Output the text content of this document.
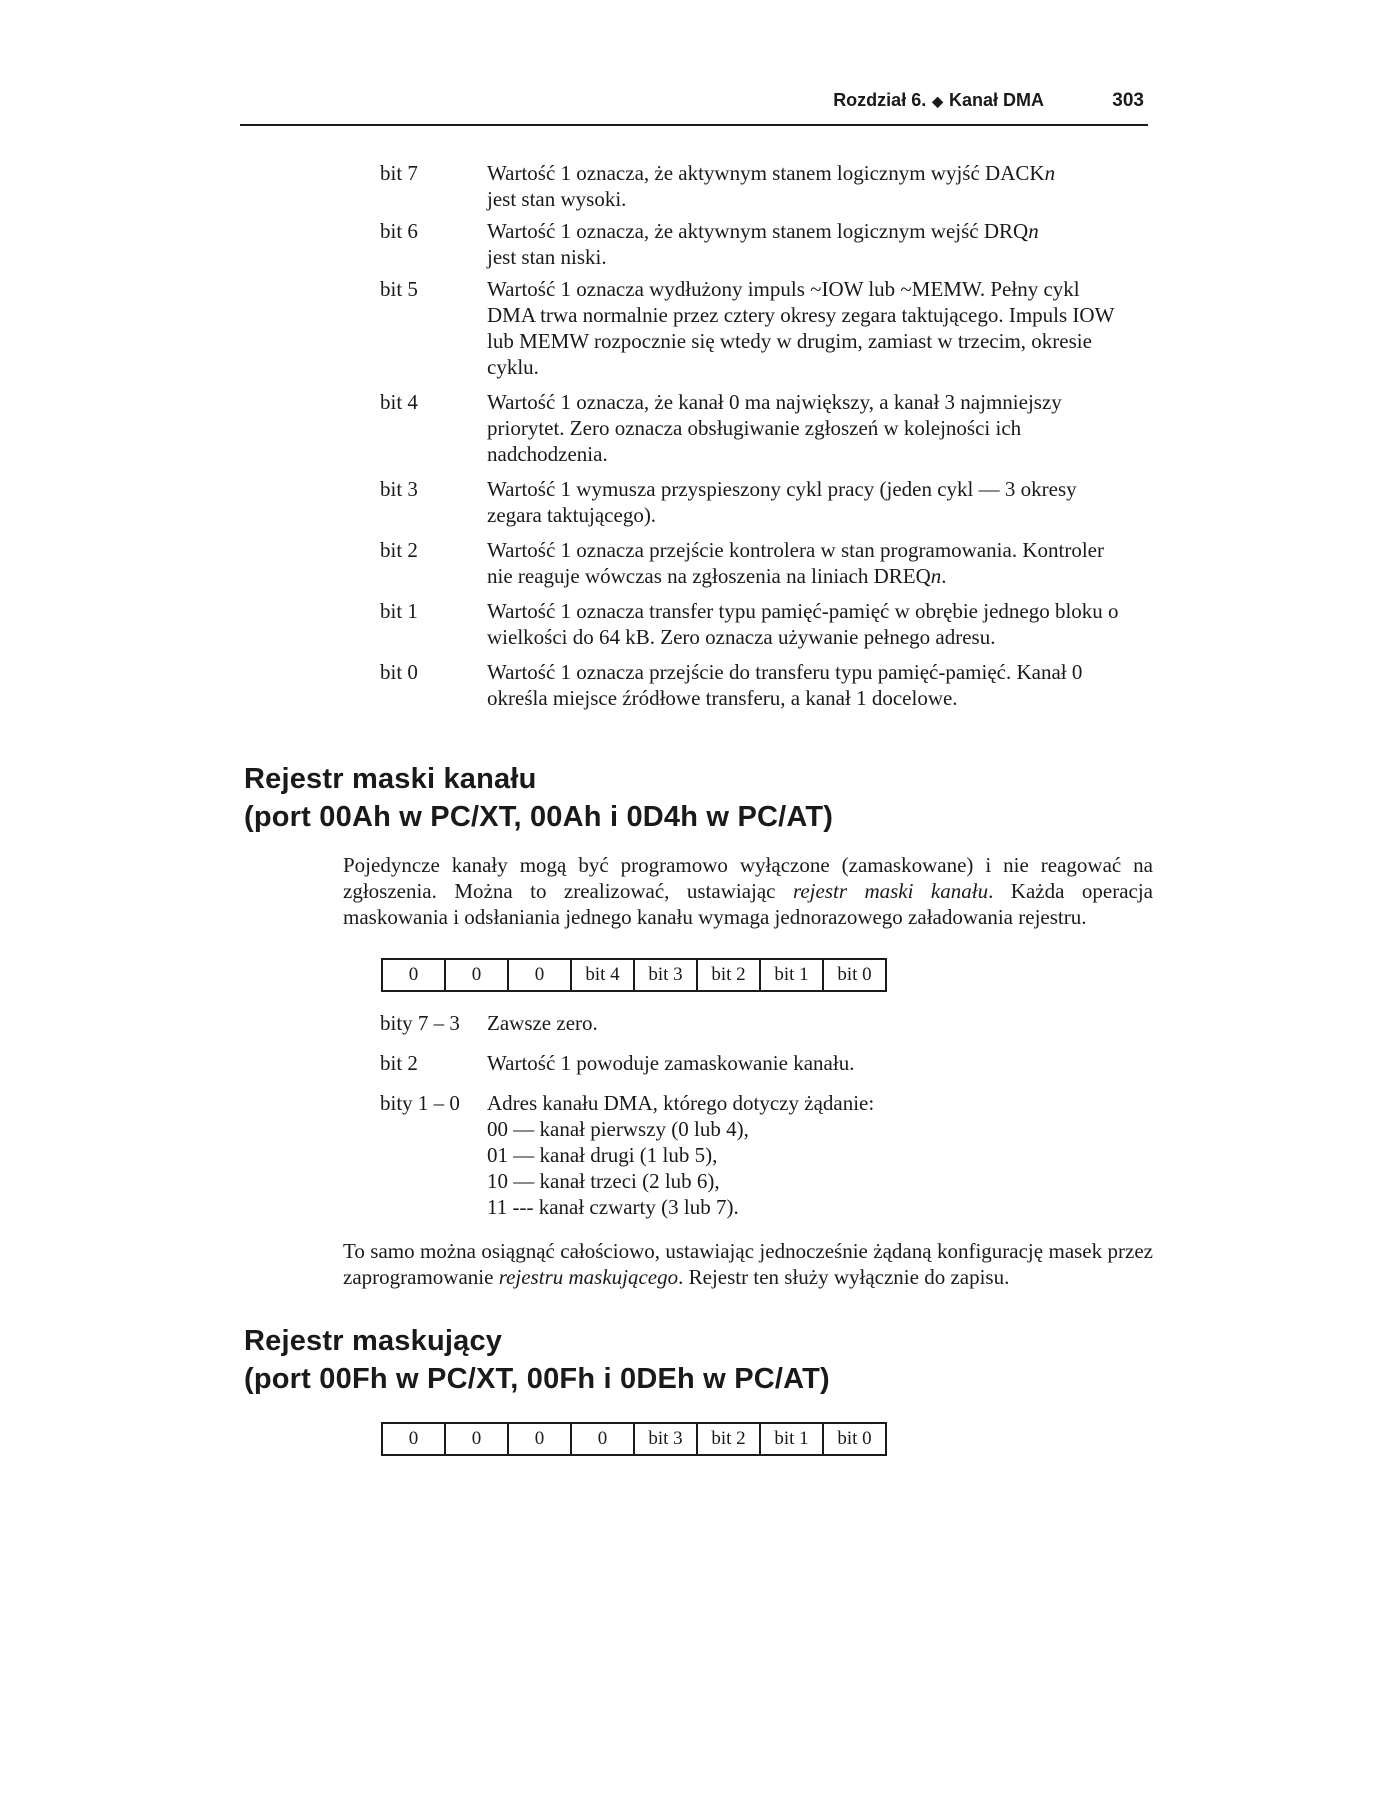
Rozdział 6. ◆ Kanał DMA	303
bit 7	Wartość 1 oznacza, że aktywnym stanem logicznym wyjść DACKn
jest stan wysoki.
bit 6	Wartość 1 oznacza, że aktywnym stanem logicznym wejść DRQn
jest stan niski.
bit 5	Wartość 1 oznacza wydłużony impuls ~IOW lub ~MEMW. Pełny cykl DMA trwa normalnie przez cztery okresy zegara taktującego. Impuls IOW lub MEMW rozpocznie się wtedy w drugim, zamiast w trzecim, okresie cyklu.
bit 4	Wartość 1 oznacza, że kanał 0 ma największy, a kanał 3 najmniejszy priorytet. Zero oznacza obsługiwanie zgłoszeń w kolejności ich nadchodzenia.
bit 3	Wartość 1 wymusza przyspieszony cykl pracy (jeden cykl — 3 okresy zegara taktującego).
bit 2	Wartość 1 oznacza przejście kontrolera w stan programowania. Kontroler nie reaguje wówczas na zgłoszenia na liniach DREQn.
bit 1	Wartość 1 oznacza transfer typu pamięć-pamięć w obrębie jednego bloku o wielkości do 64 kB. Zero oznacza używanie pełnego adresu.
bit 0	Wartość 1 oznacza przejście do transferu typu pamięć-pamięć. Kanał 0 określa miejsce źródłowe transferu, a kanał 1 docelowe.
Rejestr maski kanału
(port 00Ah w PC/XT, 00Ah i 0D4h w PC/AT)
Pojedyncze kanały mogą być programowo wyłączone (zamaskowane) i nie reagować na zgłoszenia. Można to zrealizować, ustawiając rejestr maski kanału. Każda operacja maskowania i odsłaniania jednego kanału wymaga jednorazowego załadowania rejestru.
0	0	0	bit 4	bit 3	bit 2	bit 1	bit 0
bity 7 – 3	Zawsze zero.
bit 2	Wartość 1 powoduje zamaskowanie kanału.
bity 1 – 0	Adres kanału DMA, którego dotyczy żądanie:
00 — kanał pierwszy (0 lub 4),
01 — kanał drugi (1 lub 5),
10 — kanał trzeci (2 lub 6),
11 --- kanał czwarty (3 lub 7).
To samo można osiągnąć całościowo, ustawiając jednocześnie żądaną konfigurację masek przez zaprogramowanie rejestru maskującego. Rejestr ten służy wyłącznie do zapisu.
Rejestr maskujący
(port 00Fh w PC/XT, 00Fh i 0DEh w PC/AT)
0	0	0	0	bit 3	bit 2	bit 1	bit 0
